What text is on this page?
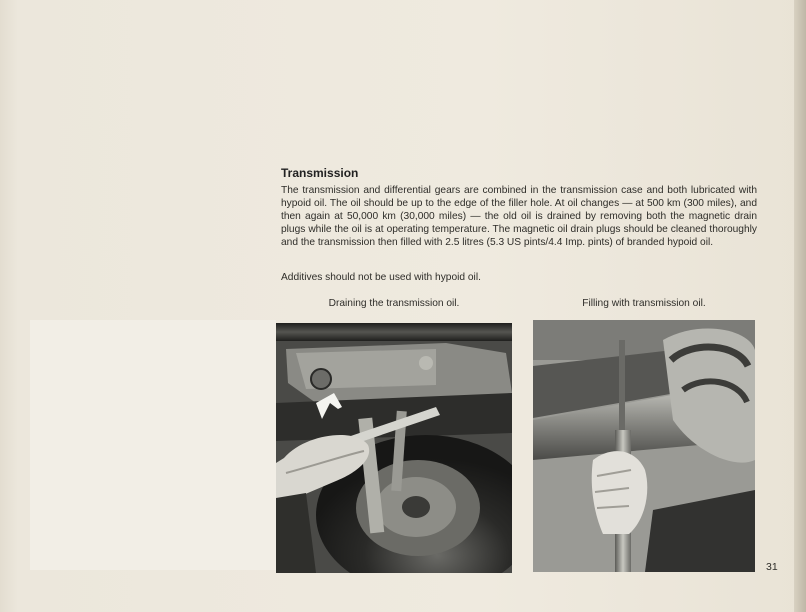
Transmission
The transmission and differential gears are combined in the transmission case and both lubricated with hypoid oil. The oil should be up to the edge of the filler hole. At oil changes — at 500 km (300 miles), and then again at 50,000 km (30,000 miles) — the old oil is drained by removing both the magnetic drain plugs while the oil is at operating temperature. The magnetic oil drain plugs should be cleaned thoroughly and the transmission then filled with 2.5 litres (5.3 US pints/4.4 Imp. pints) of branded hypoid oil.
Additives should not be used with hypoid oil.
Draining the transmission oil.	Filling with transmission oil.
31
